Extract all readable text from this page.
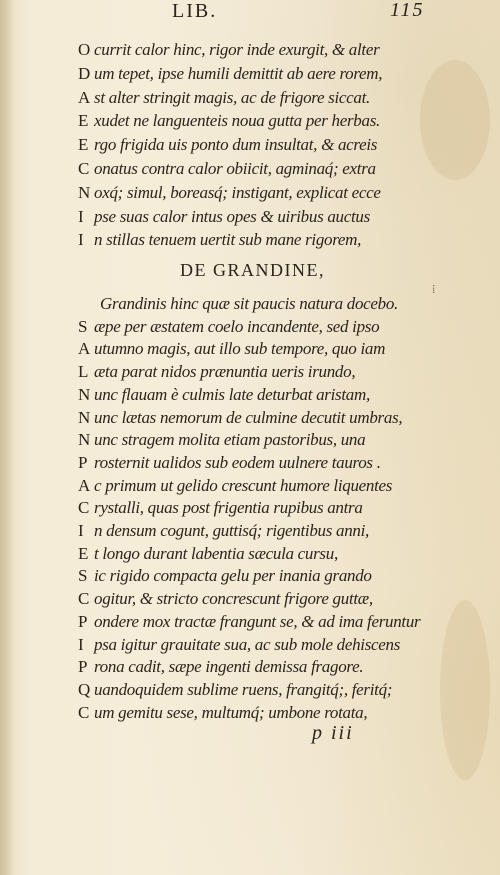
LIB.	115
O currit calor hinc, rigor inde exurgit, & alter
D um tepet, ipse humili demittit ab aere rorem,
A st alter stringit magis, ac de frigore siccat.
E xudet ne languenteis noua gutta per herbas.
E rgo frigida uis ponto dum insultat, & acreis
C onatus contra calor obiicit, agminaq́; extra
N oxq́; simul, boreasq́; instigant, explicat ecce
I pse suas calor intus opes & uiribus auctus
I n stillas tenuem uertit sub mane rigorem,
DE GRANDINE,
Grandinis hinc quæ sit paucis natura docebo.
S æpe per æstatem coelo incandente, sed ipso
A utumno magis, aut illo sub tempore, quo iam
L æta parat nidos prænuntia ueris irundo,
N unc flauam è culmis late deturbat aristam,
N unc lætas nemorum de culmine decutit umbras,
N unc stragem molita etiam pastoribus, una
P rosternit ualidos sub eodem uulnere tauros .
A c primum ut gelido crescunt humore liquentes
C rystalli, quas post frigentia rupibus antra
I n densum cogunt, guttisq́; rigentibus anni,
E t longo durant labentia sæcula cursu,
S ic rigido compacta gelu per inania grando
C ogitur, & stricto concrescunt frigore guttæ,
P ondere mox tractæ frangunt se, & ad ima feruntur
I psa igitur grauitate sua, ac sub mole dehiscens
P rona cadit, sæpe ingenti demissa fragore.
Q uandoquidem sublime ruens, frangitq́;, feritq́;
C um gemitu sese, multumq́; umbone rotata,
p iii
⁞
